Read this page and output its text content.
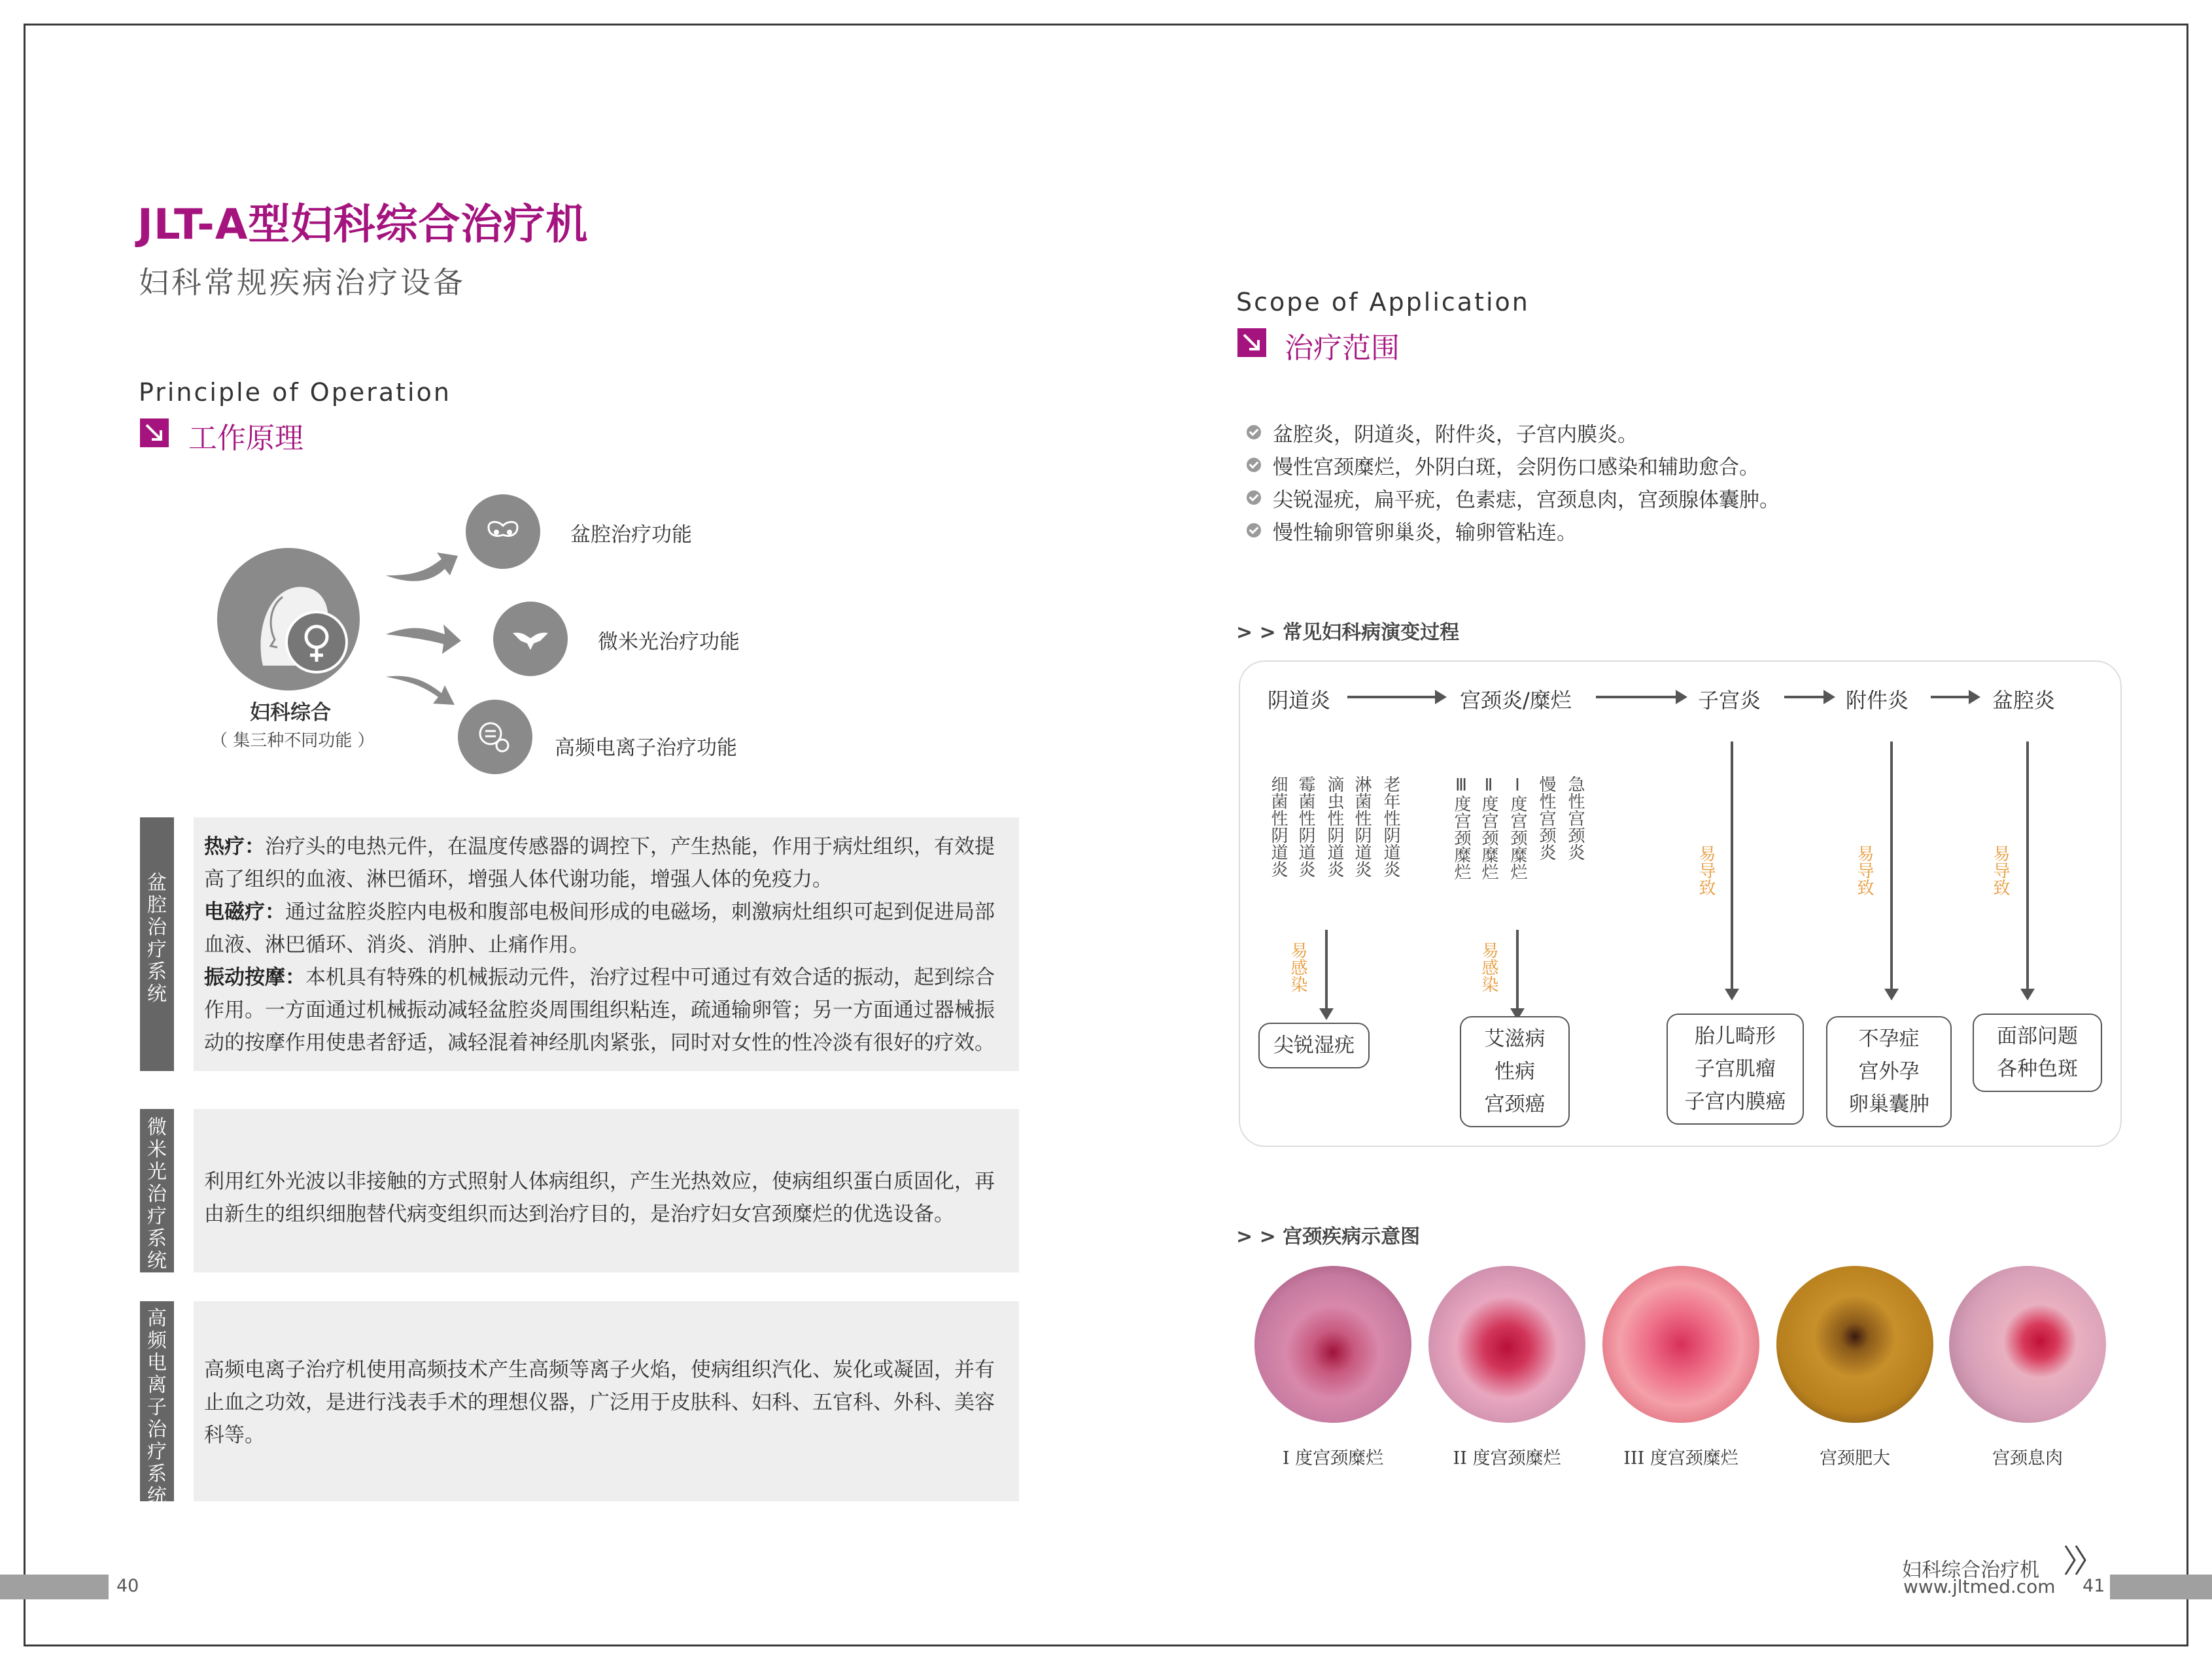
JLT-A型妇科综合治疗机
妇科常规疾病治疗设备
Principle of Operation
工作原理
妇科综合
（ 集三种不同功能 ）
盆腔治疗功能
微米光治疗功能
高频电离子治疗功能
盆腔治疗系统
热疗：治疗头的电热元件，在温度传感器的调控下，产生热能，作用于病灶组织，有效提高了组织的血液、淋巴循环，增强人体代谢功能，增强人体的免疫力。
电磁疗：通过盆腔炎腔内电极和腹部电极间形成的电磁场，刺激病灶组织可起到促进局部血液、淋巴循环、消炎、消肿、止痛作用。
振动按摩：本机具有特殊的机械振动元件，治疗过程中可通过有效合适的振动，起到综合作用。一方面通过机械振动减轻盆腔炎周围组织粘连，疏通输卵管；另一方面通过器械振动的按摩作用使患者舒适，减轻混着神经肌肉紧张，同时对女性的性冷淡有很好的疗效。
微米光治疗系统
利用红外光波以非接触的方式照射人体病组织，产生光热效应，使病组织蛋白质固化，再由新生的组织细胞替代病变组织而达到治疗目的，是治疗妇女宫颈糜烂的优选设备。
高频电离子治疗系统
高频电离子治疗机使用高频技术产生高频等离子火焰，使病组织汽化、炭化或凝固，并有止血之功效，是进行浅表手术的理想仪器，广泛用于皮肤科、妇科、五官科、外科、美容科等。
Scope of Application
治疗范围
盆腔炎，阴道炎，附件炎，子宫内膜炎。
慢性宫颈糜烂，外阴白斑，会阴伤口感染和辅助愈合。
尖锐湿疣，扁平疣，色素痣，宫颈息肉，宫颈腺体囊肿。
慢性输卵管卵巢炎，输卵管粘连。
> > 常见妇科病演变过程
阴道炎	宫颈炎/糜烂	子宫炎	附件炎	盆腔炎
细菌性阴道炎 霉菌性阴道炎 滴虫性阴道炎 淋菌性阴道炎 老年性阴道炎	Ⅲ度宫颈糜烂 Ⅱ度宫颈糜烂 Ⅰ度宫颈糜烂 慢性宫颈炎 急性宫颈炎
易感染	易感染
易导致	易导致	易导致
尖锐湿疣	艾滋病
性病
宫颈癌
胎儿畸形
子宫肌瘤
子宫内膜癌
不孕症
宫外孕
卵巢囊肿
面部问题
各种色斑
> > 宫颈疾病示意图
I 度宫颈糜烂	II 度宫颈糜烂	III 度宫颈糜烂	宫颈肥大	宫颈息肉
40
妇科综合治疗机
www.jltmed.com 41
